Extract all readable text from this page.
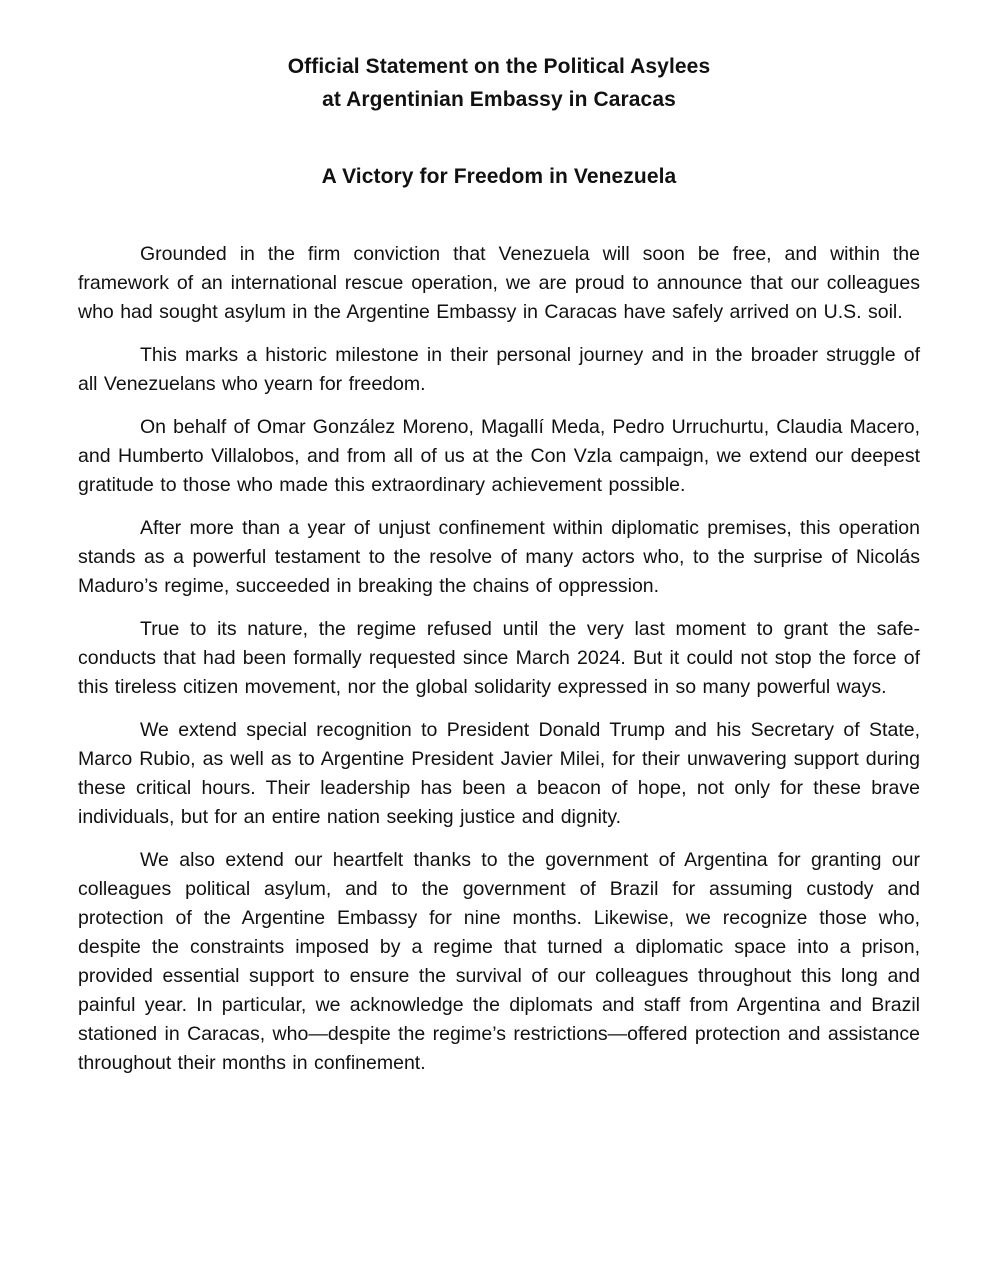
Official Statement on the Political Asylees
at Argentinian Embassy in Caracas
A Victory for Freedom in Venezuela

Grounded in the firm conviction that Venezuela will soon be free, and within the framework of an international rescue operation, we are proud to announce that our colleagues who had sought asylum in the Argentine Embassy in Caracas have safely arrived on U.S. soil.

This marks a historic milestone in their personal journey and in the broader struggle of all Venezuelans who yearn for freedom.

On behalf of Omar González Moreno, Magallí Meda, Pedro Urruchurtu, Claudia Macero, and Humberto Villalobos, and from all of us at the Con Vzla campaign, we extend our deepest gratitude to those who made this extraordinary achievement possible.

After more than a year of unjust confinement within diplomatic premises, this operation stands as a powerful testament to the resolve of many actors who, to the surprise of Nicolás Maduro’s regime, succeeded in breaking the chains of oppression.

True to its nature, the regime refused until the very last moment to grant the safe-conducts that had been formally requested since March 2024. But it could not stop the force of this tireless citizen movement, nor the global solidarity expressed in so many powerful ways.

We extend special recognition to President Donald Trump and his Secretary of State, Marco Rubio, as well as to Argentine President Javier Milei, for their unwavering support during these critical hours. Their leadership has been a beacon of hope, not only for these brave individuals, but for an entire nation seeking justice and dignity.

We also extend our heartfelt thanks to the government of Argentina for granting our colleagues political asylum, and to the government of Brazil for assuming custody and protection of the Argentine Embassy for nine months. Likewise, we recognize those who, despite the constraints imposed by a regime that turned a diplomatic space into a prison, provided essential support to ensure the survival of our colleagues throughout this long and painful year. In particular, we acknowledge the diplomats and staff from Argentina and Brazil stationed in Caracas, who—despite the regime’s restrictions—offered protection and assistance throughout their months in confinement.
